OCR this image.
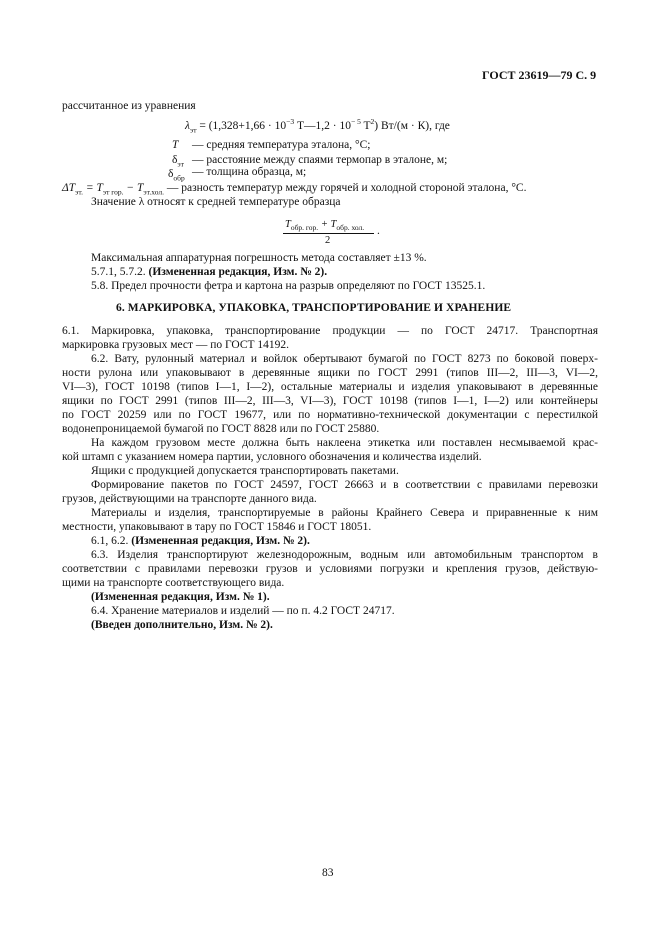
ГОСТ 23619—79 С. 9
рассчитанное из уравнения
$\lambda_{эт} = (1,328+1,66 \cdot 10^{-3}$ T—1,2 · $10^{- 5}$ $T^2$) Вт/(м · К), где
T — средняя температура эталона, °С;
$\delta_{эт}$ — расстояние между спаями термопар в эталоне, м;
$\delta_{обр}$ — толщина образца, м;
$\Delta T_{эт.} = T_{эт гор.} - T_{эт.хол.}$ — разность температур между горячей и холодной стороной эталона, °С.
Значение λ относят к средней температуре образца
$T_{обр. гор.} + T_{обр. хол.}$ .
2
Максимальная аппаратурная погрешность метода составляет ±13 %.
5.7.1, 5.7.2. (Измененная редакция, Изм. № 2).
5.8. Предел прочности фетра и картона на разрыв определяют по ГОСТ 13525.1.
6. МАРКИРОВКА, УПАКОВКА, ТРАНСПОРТИРОВАНИЕ И ХРАНЕНИЕ
6.1. Маркировка, упаковка, транспортирование продукции — по ГОСТ 24717. Транспортная
маркировка грузовых мест — по ГОСТ 14192.
6.2. Вату, рулонный материал и войлок обертывают бумагой по ГОСТ 8273 по боковой поверх-
ности рулона или упаковывают в деревянные ящики по ГОСТ 2991 (типов III—2, III—3, VI—2,
VI—3), ГОСТ 10198 (типов I—1, I—2), остальные материалы и изделия упаковывают в деревянные
ящики по ГОСТ 2991 (типов III—2, III—3, VI—3), ГОСТ 10198 (типов I—1, I—2) или контейнеры
по ГОСТ 20259 или по ГОСТ 19677, или по нормативно-технической документации с перестилкой
водонепроницаемой бумагой по ГОСТ 8828 или по ГОСТ 25880.
На каждом грузовом месте должна быть наклеена этикетка или поставлен несмываемой крас-
кой штамп с указанием номера партии, условного обозначения и количества изделий.
Ящики с продукцией допускается транспортировать пакетами.
Формирование пакетов по ГОСТ 24597, ГОСТ 26663 и в соответствии с правилами перевозки
грузов, действующими на транспорте данного вида.
Материалы и изделия, транспортируемые в районы Крайнего Севера и приравненные к ним
местности, упаковывают в тару по ГОСТ 15846 и ГОСТ 18051.
6.1, 6.2. (Измененная редакция, Изм. № 2).
6.3. Изделия транспортируют железнодорожным, водным или автомобильным транспортом в
соответствии с правилами перевозки грузов и условиями погрузки и крепления грузов, действую-
щими на транспорте соответствующего вида.
(Измененная редакция, Изм. № 1).
6.4. Хранение материалов и изделий — по п. 4.2 ГОСТ 24717.
(Введен дополнительно, Изм. № 2).
83
